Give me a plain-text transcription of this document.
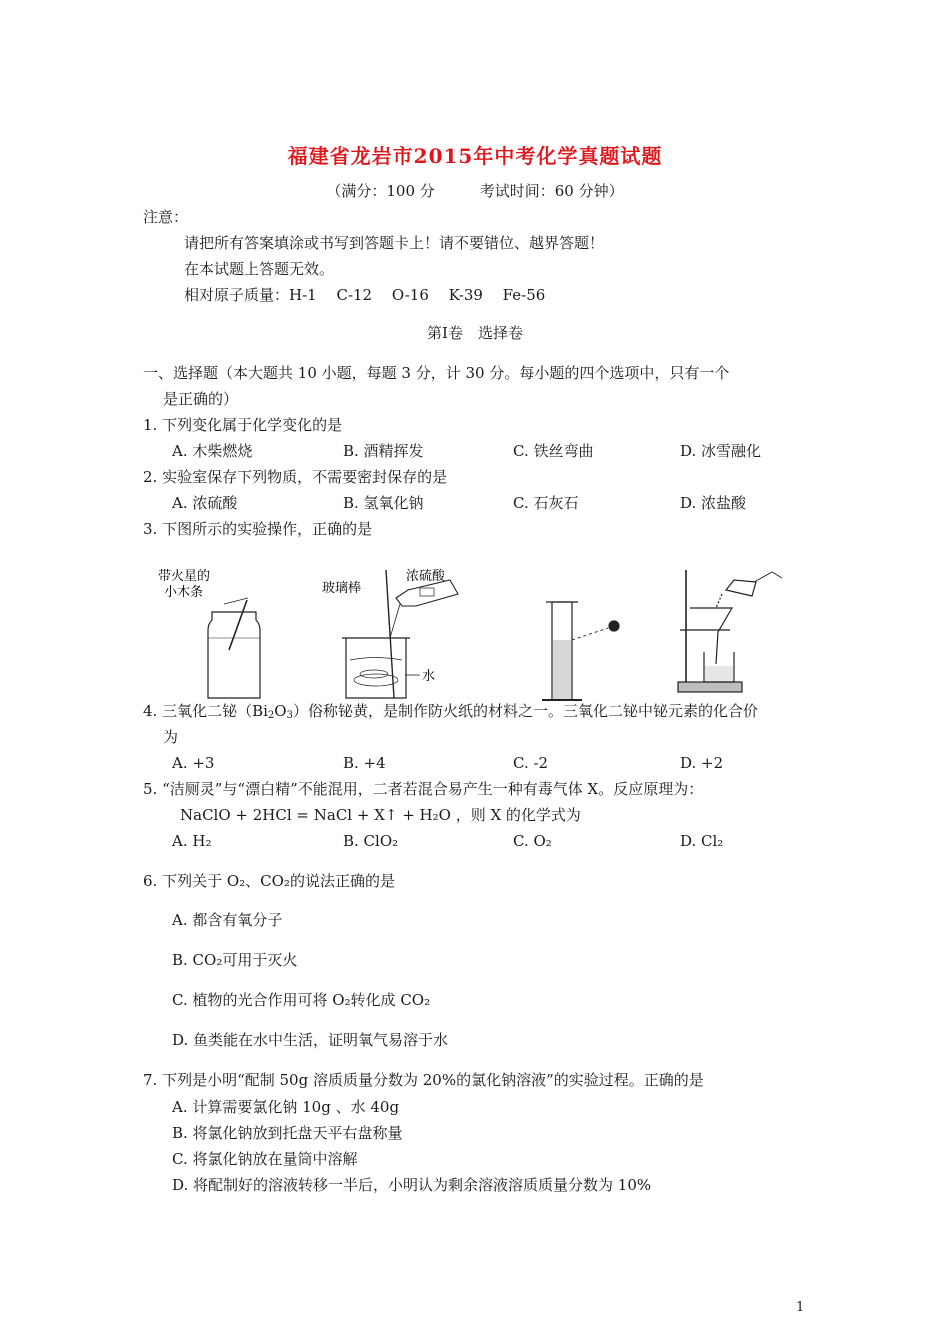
福建省龙岩市2015年中考化学真题试题
（满分：100 分　　　考试时间：60 分钟）
注意：
请把所有答案填涂或书写到答题卡上！请不要错位、越界答题！
在本试题上答题无效。
相对原子质量：H-1　 C-12　 O-16　 K-39　 Fe-56
第Ⅰ卷　选择卷
一、选择题（本大题共 10 小题，每题 3 分，计 30 分。每小题的四个选项中，只有一个
是正确的）
1. 下列变化属于化学变化的是
A. 木柴燃烧	B. 酒精挥发	C. 铁丝弯曲	D. 冰雪融化
2. 实验室保存下列物质，不需要密封保存的是
A. 浓硫酸	B. 氢氧化钠	C. 石灰石	D. 浓盐酸
3. 下图所示的实验操作，正确的是
带火星的
小木条	玻璃棒
浓硫酸
水
4. 三氧化二铋$(Bi_2O_3)$俗称铋黄，是制作防火纸的材料之一。三氧化二铋中铋元素的化合价
为
A. +3	B. +4	C. -2	D. +2
5. “洁厕灵”与“漂白精”不能混用，二者若混合易产生一种有毒气体 X。反应原理为：
NaClO + 2HCl = NaCl + X↑ + H₂O ，则 X 的化学式为
A. H₂	B. ClO₂	C. O₂	D. Cl₂
6. 下列关于 O₂、CO₂的说法正确的是
A. 都含有氧分子
B. CO₂可用于灭火
C. 植物的光合作用可将 O₂转化成 CO₂
D. 鱼类能在水中生活，证明氧气易溶于水
7. 下列是小明“配制 50g 溶质质量分数为 20%的氯化钠溶液”的实验过程。正确的是
A. 计算需要氯化钠 10g 、水 40g
B. 将氯化钠放到托盘天平右盘称量
C. 将氯化钠放在量筒中溶解
D. 将配制好的溶液转移一半后，小明认为剩余溶液溶质质量分数为 10%
1
